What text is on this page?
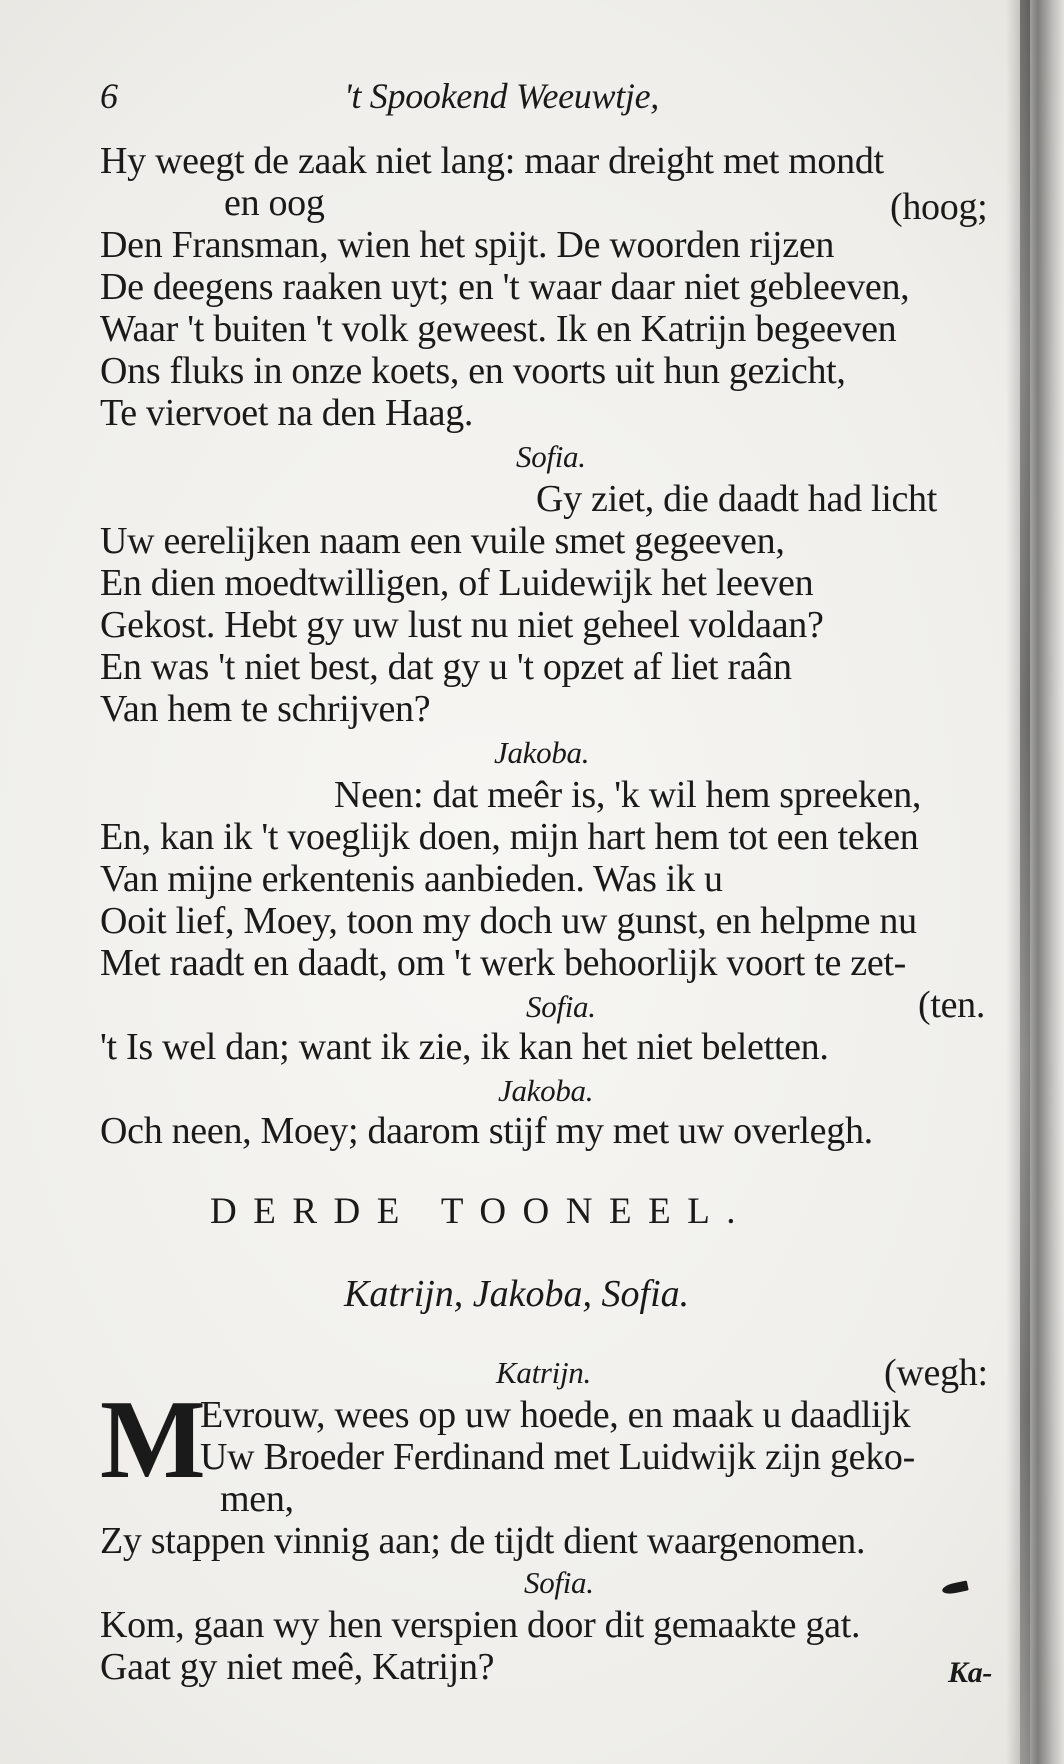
6	't Spookend Weeuwtje,
Hy weegt de zaak niet lang: maar dreight met mondt
en oog	(hoog;
Den Fransman, wien het spijt. De woorden rijzen
De deegens raaken uyt; en 't waar daar niet gebleeven,
Waar 't buiten 't volk geweest. Ik en Katrijn begeeven
Ons fluks in onze koets, en voorts uit hun gezicht,
Te viervoet na den Haag.
Sofia.
Gy ziet, die daadt had licht
Uw eerelijken naam een vuile smet gegeeven,
En dien moedtwilligen, of Luidewijk het leeven
Gekost. Hebt gy uw lust nu niet geheel voldaan?
En was 't niet best, dat gy u 't opzet af liet raân
Van hem te schrijven?
Jakoba.
Neen: dat meêr is, 'k wil hem spreeken,
En, kan ik 't voeglijk doen, mijn hart hem tot een teken
Van mijne erkentenis aanbieden. Was ik u
Ooit lief, Moey, toon my doch uw gunst, en helpme nu
Met raadt en daadt, om 't werk behoorlijk voort te zet-
Sofia.	(ten.
't Is wel dan; want ik zie, ik kan het niet beletten.
Jakoba.
Och neen, Moey; daarom stijf my met uw overlegh.
DERDE TOONEEL.
Katrijn, Jakoba, Sofia.
Katrijn.	(wegh:
M
Evrouw, wees op uw hoede, en maak u daadlijk
Uw Broeder Ferdinand met Luidwijk zijn geko-
men,
Zy stappen vinnig aan; de tijdt dient waargenomen.
Sofia.
Kom, gaan wy hen verspien door dit gemaakte gat.
Gaat gy niet meê, Katrijn?	Ka-
